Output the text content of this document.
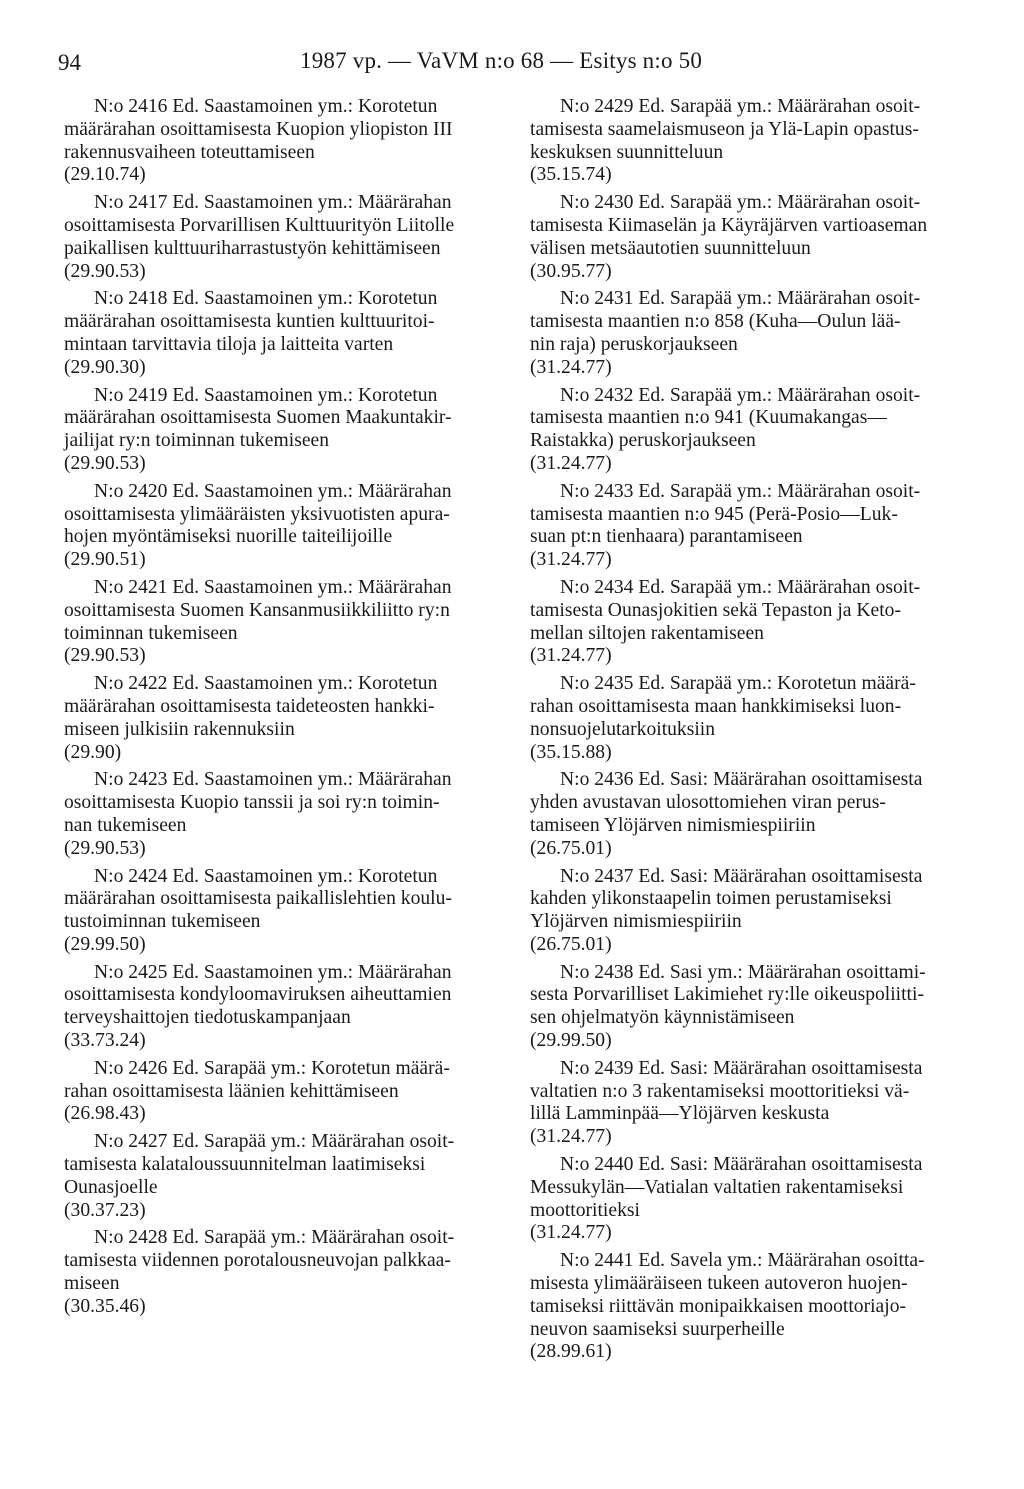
94	1987 vp. — VaVM n:o 68 — Esitys n:o 50
N:o 2416 Ed. Saastamoinen ym.: Korotetun
määrärahan osoittamisesta Kuopion yliopiston III
rakennusvaiheen toteuttamiseen
(29.10.74)
N:o 2417 Ed. Saastamoinen ym.: Määrärahan
osoittamisesta Porvarillisen Kulttuurityön Liitolle
paikallisen kulttuuriharrastustyön kehittämiseen
(29.90.53)
N:o 2418 Ed. Saastamoinen ym.: Korotetun
määrärahan osoittamisesta kuntien kulttuuritoi-
mintaan tarvittavia tiloja ja laitteita varten
(29.90.30)
N:o 2419 Ed. Saastamoinen ym.: Korotetun
määrärahan osoittamisesta Suomen Maakuntakir-
jailijat ry:n toiminnan tukemiseen
(29.90.53)
N:o 2420 Ed. Saastamoinen ym.: Määrärahan
osoittamisesta ylimääräisten yksivuotisten apura-
hojen myöntämiseksi nuorille taiteilijoille
(29.90.51)
N:o 2421 Ed. Saastamoinen ym.: Määrärahan
osoittamisesta Suomen Kansanmusiikkiliitto ry:n
toiminnan tukemiseen
(29.90.53)
N:o 2422 Ed. Saastamoinen ym.: Korotetun
määrärahan osoittamisesta taideteosten hankki-
miseen julkisiin rakennuksiin
(29.90)
N:o 2423 Ed. Saastamoinen ym.: Määrärahan
osoittamisesta Kuopio tanssii ja soi ry:n toimin-
nan tukemiseen
(29.90.53)
N:o 2424 Ed. Saastamoinen ym.: Korotetun
määrärahan osoittamisesta paikallislehtien koulu-
tustoiminnan tukemiseen
(29.99.50)
N:o 2425 Ed. Saastamoinen ym.: Määrärahan
osoittamisesta kondyloomaviruksen aiheuttamien
terveyshaittojen tiedotuskampanjaan
(33.73.24)
N:o 2426 Ed. Sarapää ym.: Korotetun määrä-
rahan osoittamisesta läänien kehittämiseen
(26.98.43)
N:o 2427 Ed. Sarapää ym.: Määrärahan osoit-
tamisesta kalataloussuunnitelman laatimiseksi
Ounasjoelle
(30.37.23)
N:o 2428 Ed. Sarapää ym.: Määrärahan osoit-
tamisesta viidennen porotalousneuvojan palkkaa-
miseen
(30.35.46)
N:o 2429 Ed. Sarapää ym.: Määrärahan osoit-
tamisesta saamelaismuseon ja Ylä-Lapin opastus-
keskuksen suunnitteluun
(35.15.74)
N:o 2430 Ed. Sarapää ym.: Määrärahan osoit-
tamisesta Kiimaselän ja Käyräjärven vartioaseman
välisen metsäautotien suunnitteluun
(30.95.77)
N:o 2431 Ed. Sarapää ym.: Määrärahan osoit-
tamisesta maantien n:o 858 (Kuha—Oulun lää-
nin raja) peruskorjaukseen
(31.24.77)
N:o 2432 Ed. Sarapää ym.: Määrärahan osoit-
tamisesta maantien n:o 941 (Kuumakangas—
Raistakka) peruskorjaukseen
(31.24.77)
N:o 2433 Ed. Sarapää ym.: Määrärahan osoit-
tamisesta maantien n:o 945 (Perä-Posio—Luk-
suan pt:n tienhaara) parantamiseen
(31.24.77)
N:o 2434 Ed. Sarapää ym.: Määrärahan osoit-
tamisesta Ounasjokitien sekä Tepaston ja Keto-
mellan siltojen rakentamiseen
(31.24.77)
N:o 2435 Ed. Sarapää ym.: Korotetun määrä-
rahan osoittamisesta maan hankkimiseksi luon-
nonsuojelutarkoituksiin
(35.15.88)
N:o 2436 Ed. Sasi: Määrärahan osoittamisesta
yhden avustavan ulosottomiehen viran perus-
tamiseen Ylöjärven nimismiespiiriin
(26.75.01)
N:o 2437 Ed. Sasi: Määrärahan osoittamisesta
kahden ylikonstaapelin toimen perustamiseksi
Ylöjärven nimismiespiiriin
(26.75.01)
N:o 2438 Ed. Sasi ym.: Määrärahan osoittami-
sesta Porvarilliset Lakimiehet ry:lle oikeuspoliitti-
sen ohjelmatyön käynnistämiseen
(29.99.50)
N:o 2439 Ed. Sasi: Määrärahan osoittamisesta
valtatien n:o 3 rakentamiseksi moottoritieksi vä-
lillä Lamminpää—Ylöjärven keskusta
(31.24.77)
N:o 2440 Ed. Sasi: Määrärahan osoittamisesta
Messukylän—Vatialan valtatien rakentamiseksi
moottoritieksi
(31.24.77)
N:o 2441 Ed. Savela ym.: Määrärahan osoitta-
misesta ylimääräiseen tukeen autoveron huojen-
tamiseksi riittävän monipaikkaisen moottoriajo-
neuvon saamiseksi suurperheille
(28.99.61)
